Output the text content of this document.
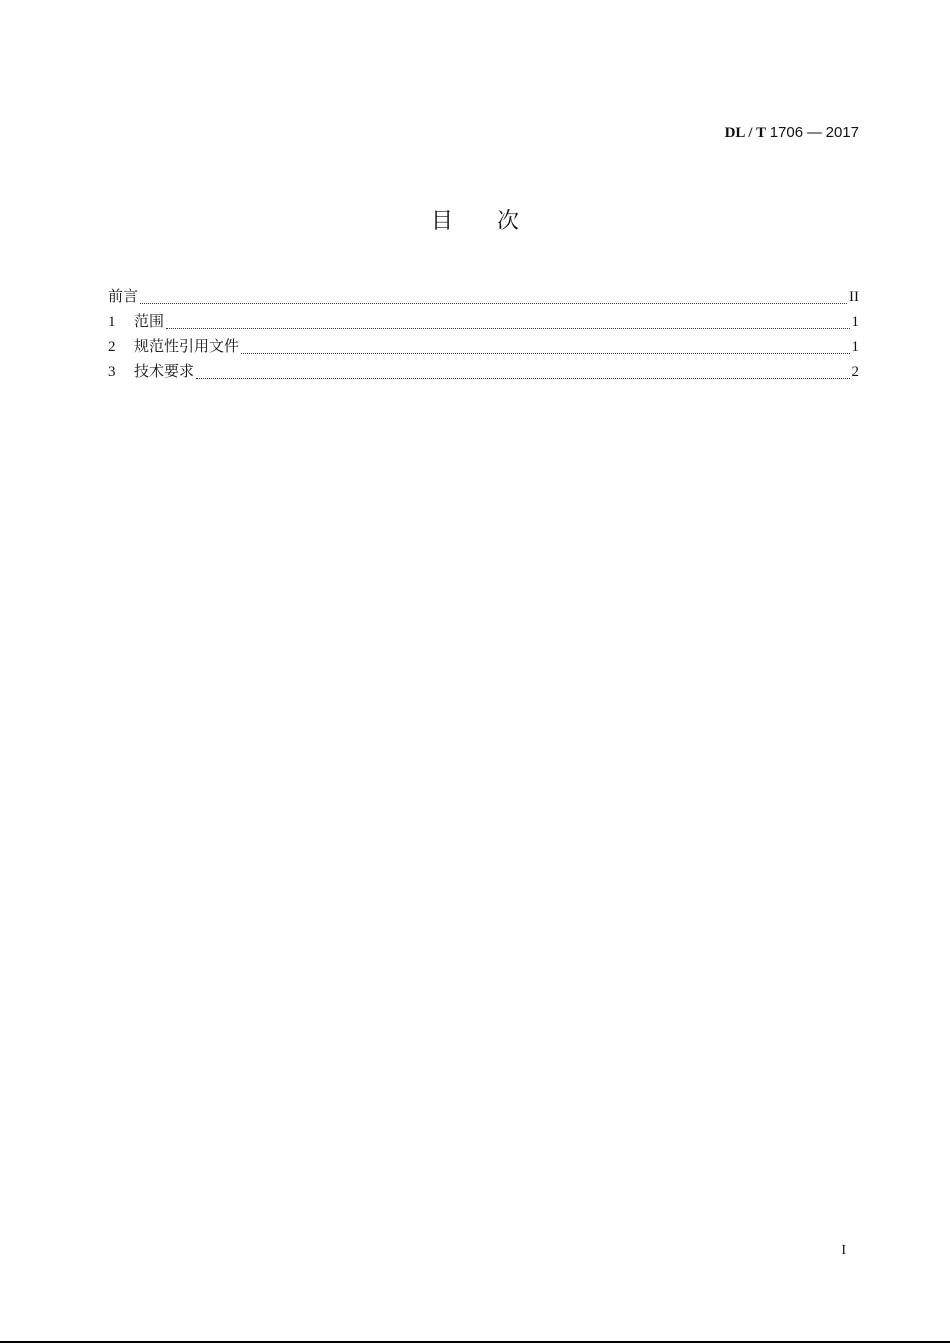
DL / T 1706 — 2017
目　　次
前言	II
1	范围	1
2	规范性引用文件	1
3	技术要求	2
I
